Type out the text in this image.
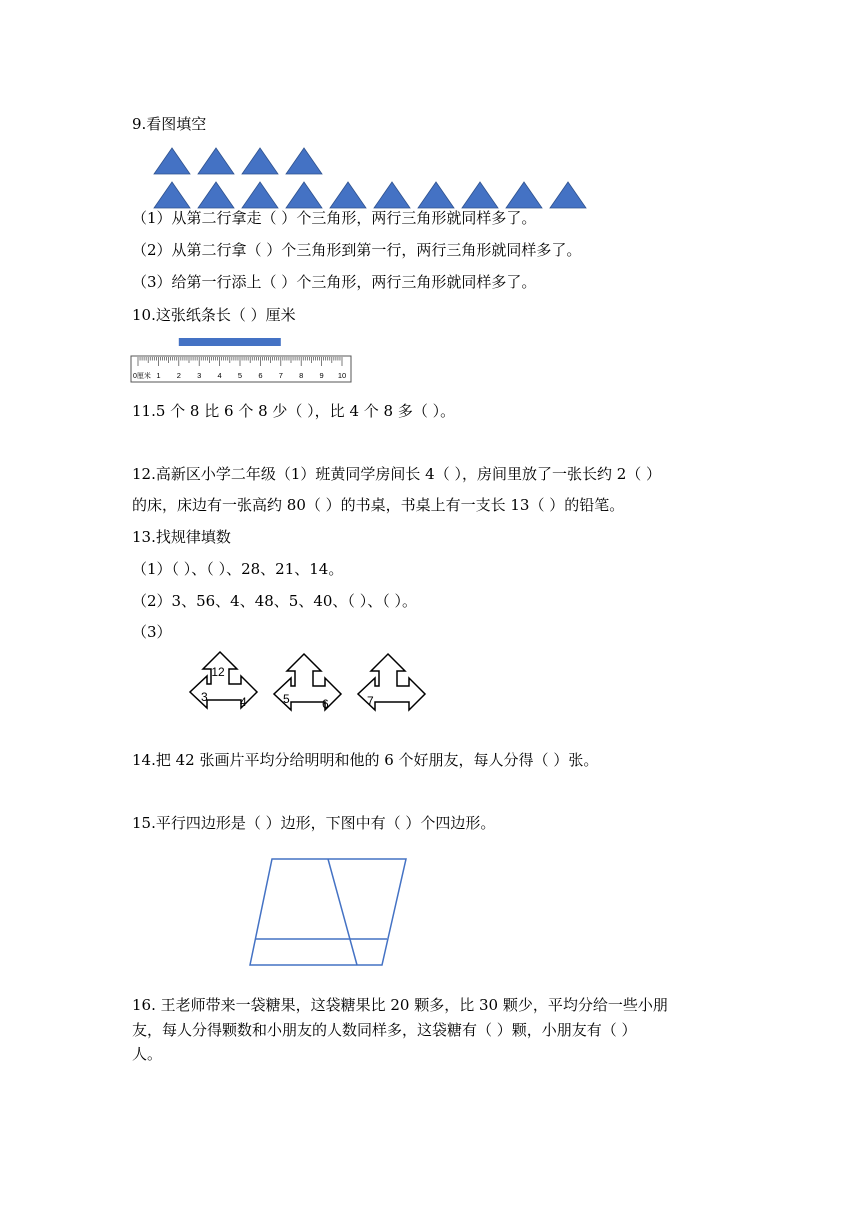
9.看图填空
（1）从第二行拿走（ ）个三角形，两行三角形就同样多了。
（2）从第二行拿（ ）个三角形到第一行，两行三角形就同样多了。
（3）给第一行添上（ ）个三角形，两行三角形就同样多了。
10.这张纸条长（ ）厘米
0厘米 1 2 3 4 5 6 7 8 9 10
11.5 个 8 比 6 个 8 少（ ），比 4 个 8 多（ ）。
12.高新区小学二年级（1）班黄同学房间长 4（ ），房间里放了一张长约 2（ ）
的床，床边有一张高约 80（ ）的书桌，书桌上有一支长 13（ ）的铅笔。
13.找规律填数
（1）（ ）、（ ）、28、21、14。
（2）3、56、4、48、5、40、（ ）、（ ）。
（3）
12
3	4	5	6	7
14.把 42 张画片平均分给明明和他的 6 个好朋友，每人分得（ ）张。
15.平行四边形是（ ）边形，下图中有（ ）个四边形。
16. 王老师带来一袋糖果，这袋糖果比 20 颗多，比 30 颗少，平均分给一些小朋
友，每人分得颗数和小朋友的人数同样多，这袋糖有（ ）颗，小朋友有（ ）
人。
